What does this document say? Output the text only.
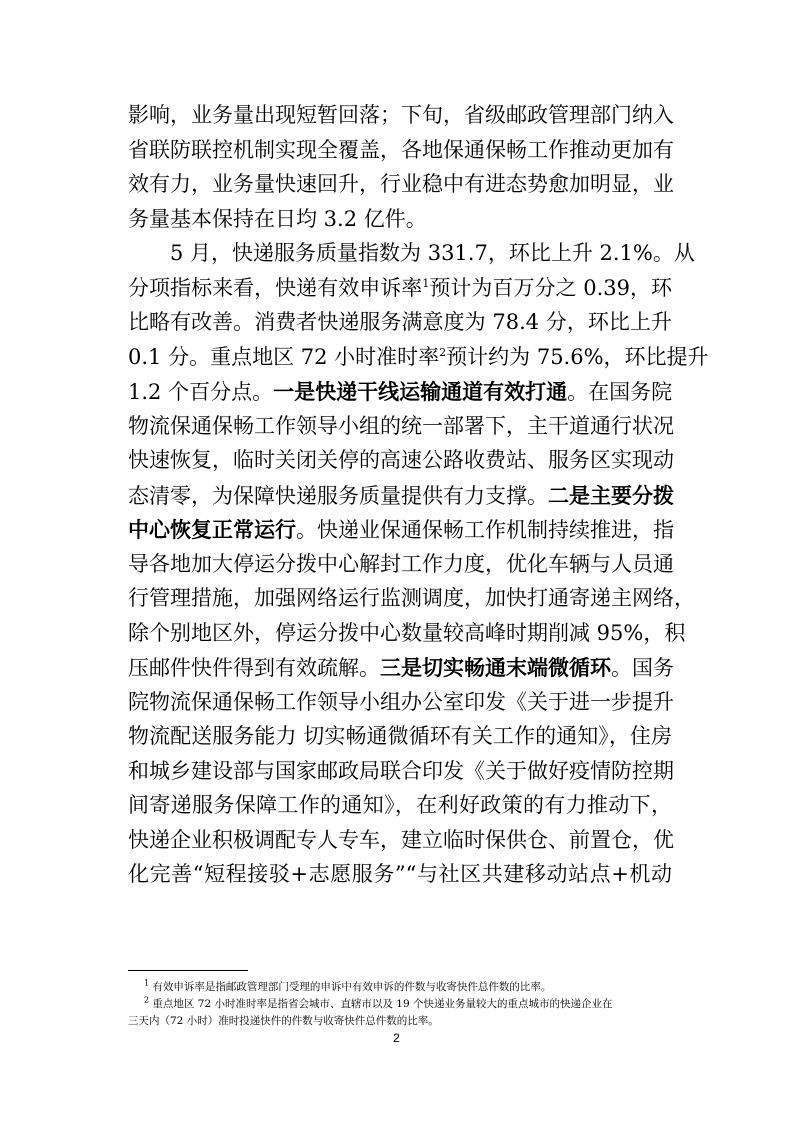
影响，业务量出现短暂回落；下旬，省级邮政管理部门纳入
省联防联控机制实现全覆盖，各地保通保畅工作推动更加有
效有力，业务量快速回升，行业稳中有进态势愈加明显，业
务量基本保持在日均 3.2 亿件。
5 月，快递服务质量指数为 331.7，环比上升 2.1%。从
分项指标来看，快递有效申诉率$^1$预计为百万分之 0.39，环
比略有改善。消费者快递服务满意度为 78.4 分，环比上升
0.1 分。重点地区 72 小时准时率$^2$预计约为 75.6%，环比提升
1.2 个百分点。一是快递干线运输通道有效打通。在国务院
物流保通保畅工作领导小组的统一部署下，主干道通行状况
快速恢复，临时关闭关停的高速公路收费站、服务区实现动
态清零，为保障快递服务质量提供有力支撑。二是主要分拨
中心恢复正常运行。快递业保通保畅工作机制持续推进，指
导各地加大停运分拨中心解封工作力度，优化车辆与人员通
行管理措施，加强网络运行监测调度，加快打通寄递主网络，
除个别地区外，停运分拨中心数量较高峰时期削减 95%，积
压邮件快件得到有效疏解。三是切实畅通末端微循环。国务
院物流保通保畅工作领导小组办公室印发《关于进一步提升
物流配送服务能力 切实畅通微循环有关工作的通知》，住房
和城乡建设部与国家邮政局联合印发《关于做好疫情防控期
间寄递服务保障工作的通知》，在利好政策的有力推动下，
快递企业积极调配专人专车，建立临时保供仓、前置仓，优
化完善“短程接驳+志愿服务”“与社区共建移动站点+机动
$^1$ 有效申诉率是指邮政管理部门受理的申诉中有效申诉的件数与收寄快件总件数的比率。
$^2$ 重点地区 72 小时准时率是指省会城市、直辖市以及 19 个快递业务量较大的重点城市的快递企业在
三天内（72 小时）准时投递快件的件数与收寄快件总件数的比率。
2
